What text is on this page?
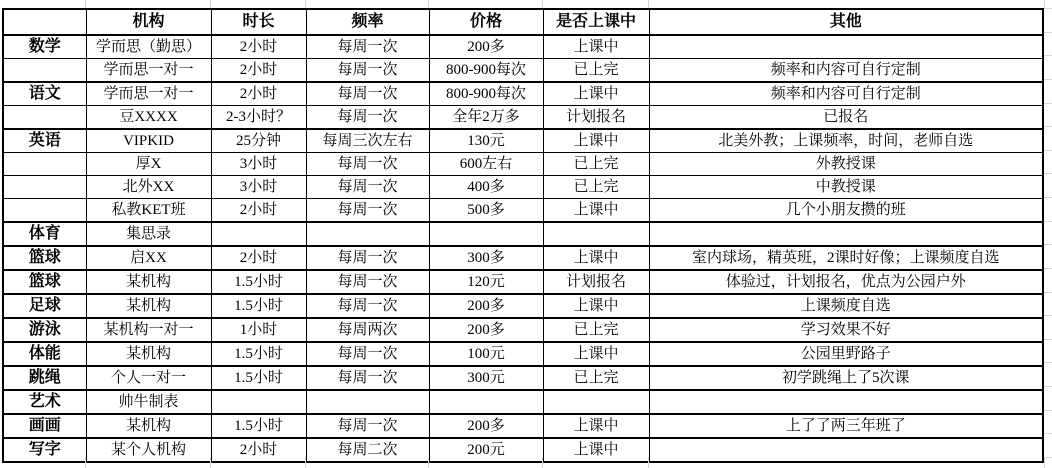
	机构	时长	频率	价格	是否上课中	其他
数学	学而思（勤思）	2小时	每周一次	200多	上课中	
	学而思一对一	2小时	每周一次	800-900每次	已上完	频率和内容可自行定制
语文	学而思一对一	2小时	每周一次	800-900每次	上课中	频率和内容可自行定制
	豆XXXX	2-3小时？	每周一次	全年2万多	计划报名	已报名
英语	VIPKID	25分钟	每周三次左右	130元	上课中	北美外教；上课频率，时间，老师自选
	厚X	3小时	每周一次	600左右	已上完	外教授课
	北外XX	3小时	每周一次	400多	已上完	中教授课
	私教KET班	2小时	每周一次	500多	上课中	几个小朋友攒的班
体育	集思录					
篮球	启XX	2小时	每周一次	300多	上课中	室内球场，精英班，2课时好像；上课频度自选
篮球	某机构	1.5小时	每周一次	120元	计划报名	体验过，计划报名，优点为公园户外
足球	某机构	1.5小时	每周一次	200多	上课中	上课频度自选
游泳	某机构一对一	1小时	每周两次	200多	已上完	学习效果不好
体能	某机构	1.5小时	每周一次	100元	上课中	公园里野路子
跳绳	个人一对一	1.5小时	每周一次	300元	已上完	初学跳绳上了5次课
艺术	帅牛制表					
画画	某机构	1.5小时	每周一次	200多	上课中	上了了两三年班了
写字	某个人机构	2小时	每周二次	200元	上课中	
